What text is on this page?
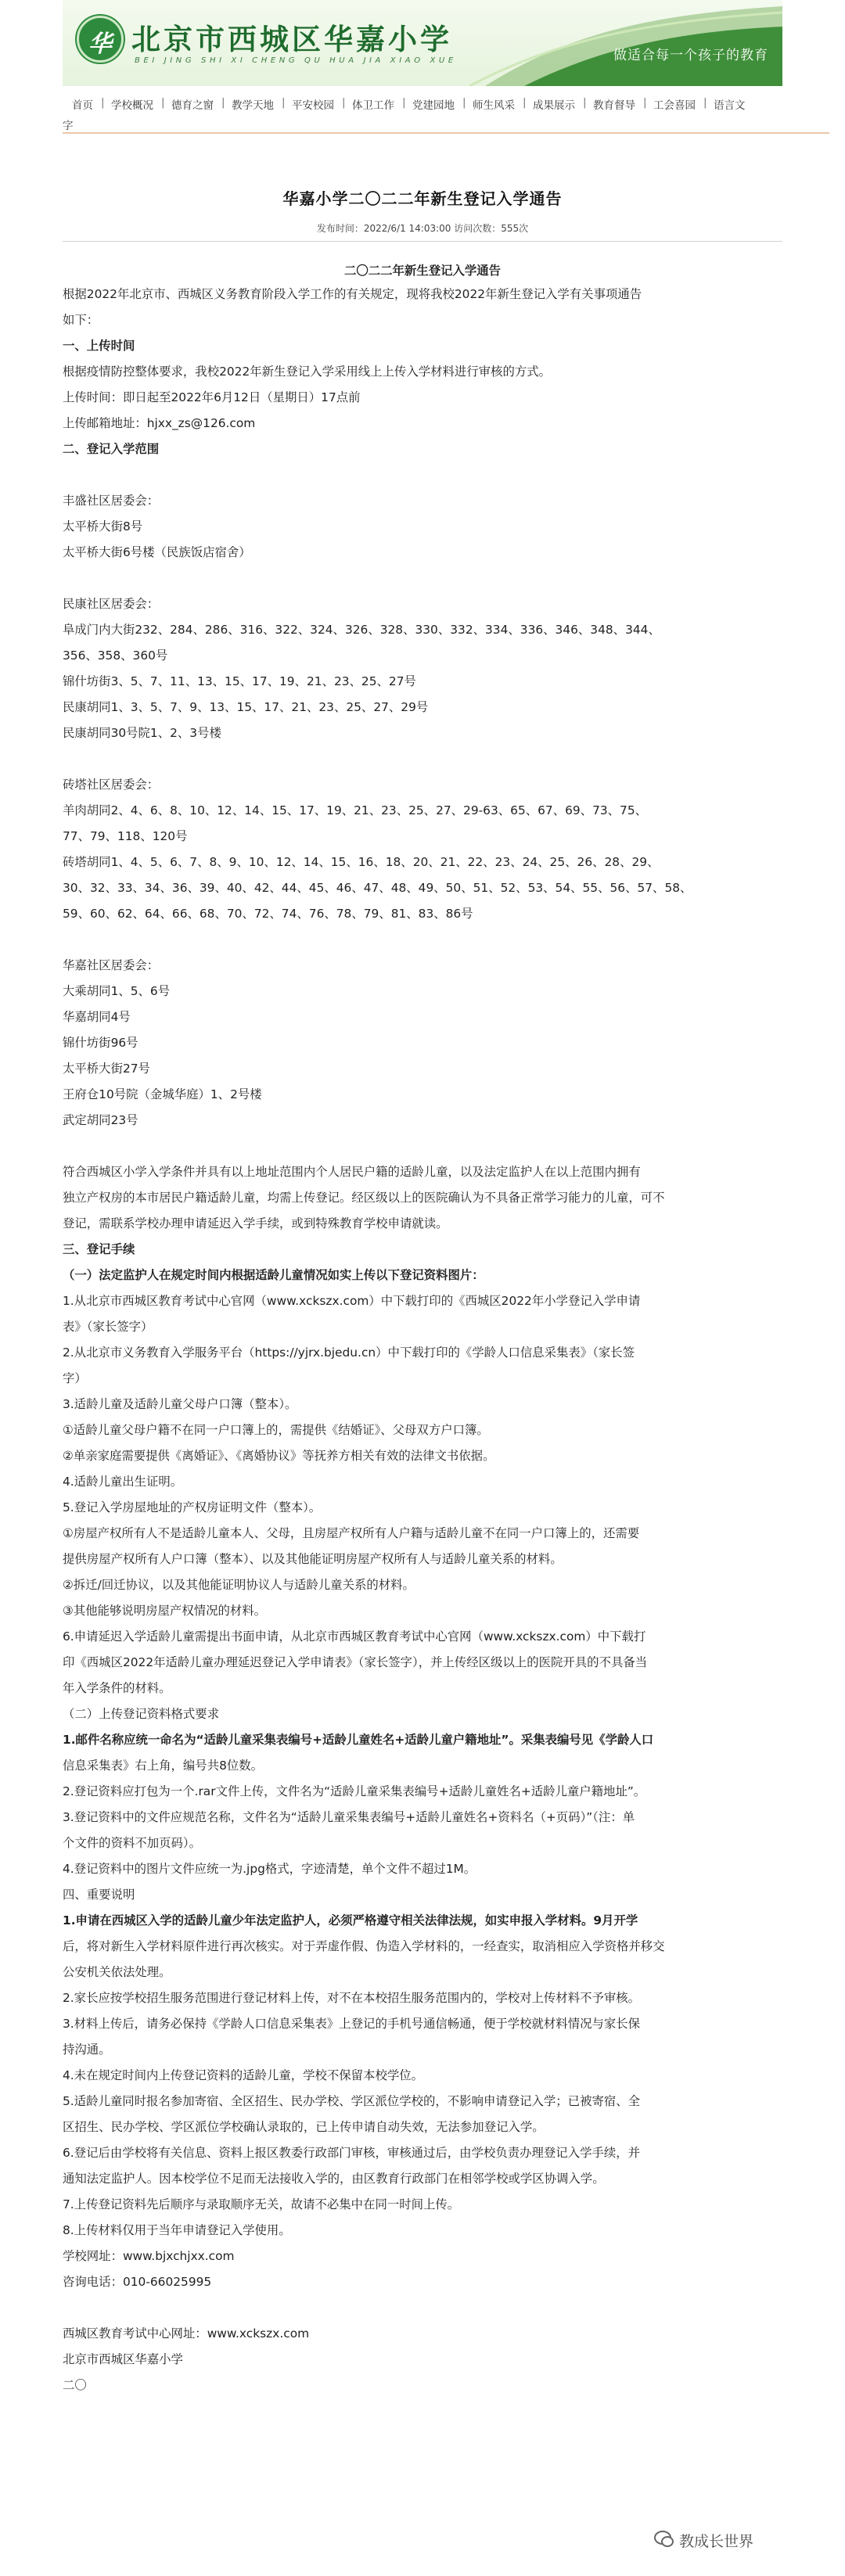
华 北京市西城区华嘉小学
BEI JING SHI XI CHENG QU HUA JIA XIAO XUE	做适合每一个孩子的教育
首页 | 学校概况 | 德育之窗 | 教学天地 | 平安校园 | 体卫工作 | 党建园地 | 师生风采 | 成果展示 | 教育督导 | 工会喜园 | 语言文
字
华嘉小学二〇二二年新生登记入学通告
发布时间：2022/6/1 14:03:00 访问次数：555次
二〇二二年新生登记入学通告
根据2022年北京市、西城区义务教育阶段入学工作的有关规定，现将我校2022年新生登记入学有关事项通告
如下：
一、上传时间
根据疫情防控整体要求，我校2022年新生登记入学采用线上上传入学材料进行审核的方式。
上传时间：即日起至2022年6月12日（星期日）17点前
上传邮箱地址：hjxx_zs@126.com
二、登记入学范围
丰盛社区居委会：
太平桥大街8号
太平桥大街6号楼（民族饭店宿舍）
民康社区居委会：
阜成门内大街232、284、286、316、322、324、326、328、330、332、334、336、346、348、344、
356、358、360号
锦什坊街3、5、7、11、13、15、17、19、21、23、25、27号
民康胡同1、3、5、7、9、13、15、17、21、23、25、27、29号
民康胡同30号院1、2、3号楼
砖塔社区居委会：
羊肉胡同2、4、6、8、10、12、14、15、17、19、21、23、25、27、29-63、65、67、69、73、75、
77、79、118、120号
砖塔胡同1、4、5、6、7、8、9、10、12、14、15、16、18、20、21、22、23、24、25、26、28、29、
30、32、33、34、36、39、40、42、44、45、46、47、48、49、50、51、52、53、54、55、56、57、58、
59、60、62、64、66、68、70、72、74、76、78、79、81、83、86号
华嘉社区居委会：
大乘胡同1、5、6号
华嘉胡同4号
锦什坊街96号
太平桥大街27号
王府仓10号院（金城华庭）1、2号楼
武定胡同23号
符合西城区小学入学条件并具有以上地址范围内个人居民户籍的适龄儿童，以及法定监护人在以上范围内拥有
独立产权房的本市居民户籍适龄儿童，均需上传登记。经区级以上的医院确认为不具备正常学习能力的儿童，可不
登记，需联系学校办理申请延迟入学手续，或到特殊教育学校申请就读。
三、登记手续
（一）法定监护人在规定时间内根据适龄儿童情况如实上传以下登记资料图片：
1.从北京市西城区教育考试中心官网（www.xckszx.com）中下载打印的《西城区2022年小学登记入学申请
表》（家长签字）
2.从北京市义务教育入学服务平台（https://yjrx.bjedu.cn）中下载打印的《学龄人口信息采集表》（家长签
字）
3.适龄儿童及适龄儿童父母户口簿（整本）。
①适龄儿童父母户籍不在同一户口簿上的，需提供《结婚证》、父母双方户口簿。
②单亲家庭需要提供《离婚证》、《离婚协议》等抚养方相关有效的法律文书依据。
4.适龄儿童出生证明。
5.登记入学房屋地址的产权房证明文件（整本）。
①房屋产权所有人不是适龄儿童本人、父母，且房屋产权所有人户籍与适龄儿童不在同一户口簿上的，还需要
提供房屋产权所有人户口簿（整本）、以及其他能证明房屋产权所有人与适龄儿童关系的材料。
②拆迁/回迁协议，以及其他能证明协议人与适龄儿童关系的材料。
③其他能够说明房屋产权情况的材料。
6.申请延迟入学适龄儿童需提出书面申请，从北京市西城区教育考试中心官网（www.xckszx.com）中下载打
印《西城区2022年适龄儿童办理延迟登记入学申请表》（家长签字），并上传经区级以上的医院开具的不具备当
年入学条件的材料。
（二）上传登记资料格式要求
1.邮件名称应统一命名为“适龄儿童采集表编号+适龄儿童姓名+适龄儿童户籍地址”。采集表编号见《学龄人口
信息采集表》右上角，编号共8位数。
2.登记资料应打包为一个.rar文件上传，文件名为“适龄儿童采集表编号+适龄儿童姓名+适龄儿童户籍地址”。
3.登记资料中的文件应规范名称，文件名为“适龄儿童采集表编号+适龄儿童姓名+资料名（+页码）”（注：单
个文件的资料不加页码）。
4.登记资料中的图片文件应统一为.jpg格式，字迹清楚，单个文件不超过1M。
四、重要说明
1.申请在西城区入学的适龄儿童少年法定监护人，必须严格遵守相关法律法规，如实申报入学材料。9月开学
后，将对新生入学材料原件进行再次核实。对于弄虚作假、伪造入学材料的，一经查实，取消相应入学资格并移交
公安机关依法处理。
2.家长应按学校招生服务范围进行登记材料上传，对不在本校招生服务范围内的，学校对上传材料不予审核。
3.材料上传后，请务必保持《学龄人口信息采集表》上登记的手机号通信畅通，便于学校就材料情况与家长保
持沟通。
4.未在规定时间内上传登记资料的适龄儿童，学校不保留本校学位。
5.适龄儿童同时报名参加寄宿、全区招生、民办学校、学区派位学校的，不影响申请登记入学；已被寄宿、全
区招生、民办学校、学区派位学校确认录取的，已上传申请自动失效，无法参加登记入学。
6.登记后由学校将有关信息、资料上报区教委行政部门审核，审核通过后，由学校负责办理登记入学手续，并
通知法定监护人。因本校学位不足而无法接收入学的，由区教育行政部门在相邻学校或学区协调入学。
7.上传登记资料先后顺序与录取顺序无关，故请不必集中在同一时间上传。
8.上传材料仅用于当年申请登记入学使用。
学校网址：www.bjxchjxx.com
咨询电话：010-66025995
西城区教育考试中心网址：www.xckszx.com
北京市西城区华嘉小学
二〇
教成长世界
